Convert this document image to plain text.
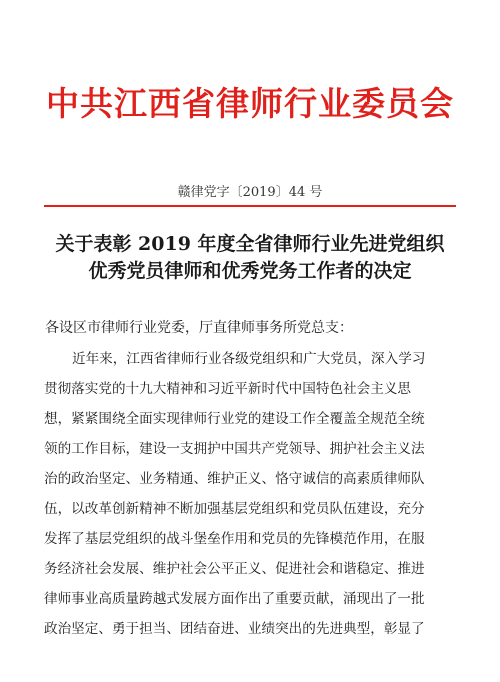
中共江西省律师行业委员会
赣律党字〔2019〕44 号
关于表彰 2019 年度全省律师行业先进党组织
优秀党员律师和优秀党务工作者的决定
各设区市律师行业党委，厅直律师事务所党总支：
近年来，江西省律师行业各级党组织和广大党员，深入学习
贯彻落实党的十九大精神和习近平新时代中国特色社会主义思
想，紧紧围绕全面实现律师行业党的建设工作全覆盖全规范全统
领的工作目标，建设一支拥护中国共产党领导、拥护社会主义法
治的政治坚定、业务精通、维护正义、恪守诚信的高素质律师队
伍，以改革创新精神不断加强基层党组织和党员队伍建设，充分
发挥了基层党组织的战斗堡垒作用和党员的先锋模范作用，在服
务经济社会发展、维护社会公平正义、促进社会和谐稳定、推进
律师事业高质量跨越式发展方面作出了重要贡献，涌现出了一批
政治坚定、勇于担当、团结奋进、业绩突出的先进典型，彰显了
